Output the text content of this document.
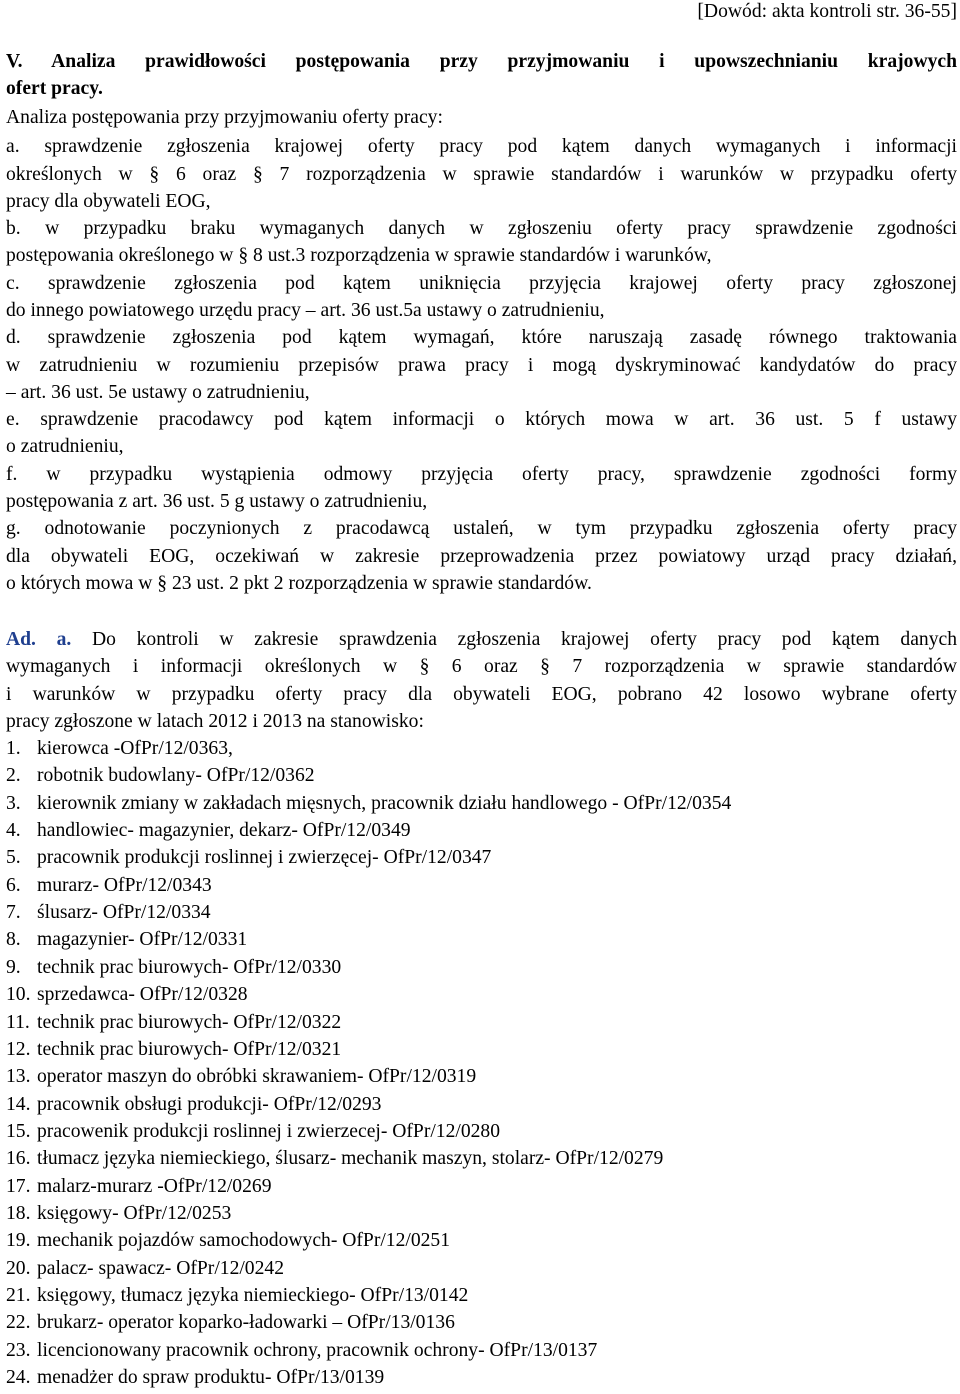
[Dowód: akta kontroli str. 36-55]
V. Analiza prawidłowości postępowania przy przyjmowaniu i upowszechnianiu krajowych
ofert pracy.
Analiza postępowania przy przyjmowaniu oferty pracy:
a. sprawdzenie zgłoszenia krajowej oferty pracy pod kątem danych wymaganych i informacji
określonych w § 6 oraz § 7 rozporządzenia w sprawie standardów i warunków w przypadku oferty
pracy dla obywateli EOG,
b. w przypadku braku wymaganych danych w zgłoszeniu oferty pracy sprawdzenie zgodności
postępowania określonego w § 8 ust.3 rozporządzenia w sprawie standardów i warunków,
c. sprawdzenie zgłoszenia pod kątem uniknięcia przyjęcia krajowej oferty pracy zgłoszonej
do innego powiatowego urzędu pracy – art. 36 ust.5a ustawy o zatrudnieniu,
d. sprawdzenie zgłoszenia pod kątem wymagań, które naruszają zasadę równego traktowania
w zatrudnieniu w rozumieniu przepisów prawa pracy i mogą dyskryminować kandydatów do pracy
– art. 36 ust. 5e ustawy o zatrudnieniu,
e. sprawdzenie pracodawcy pod kątem informacji o których mowa w art. 36 ust. 5 f ustawy
o zatrudnieniu,
f. w przypadku wystąpienia odmowy przyjęcia oferty pracy, sprawdzenie zgodności formy
postępowania z art. 36 ust. 5 g ustawy o zatrudnieniu,
g. odnotowanie poczynionych z pracodawcą ustaleń, w tym przypadku zgłoszenia oferty pracy
dla obywateli EOG, oczekiwań w zakresie przeprowadzenia przez powiatowy urząd pracy działań,
o których mowa w § 23 ust. 2 pkt 2 rozporządzenia w sprawie standardów.
Ad. a. Do kontroli w zakresie sprawdzenia zgłoszenia krajowej oferty pracy pod kątem danych
wymaganych i informacji określonych w § 6 oraz § 7 rozporządzenia w sprawie standardów
i warunków w przypadku oferty pracy dla obywateli EOG, pobrano 42 losowo wybrane oferty
pracy zgłoszone w latach 2012 i 2013 na stanowisko:
1. kierowca -OfPr/12/0363,
2. robotnik budowlany- OfPr/12/0362
3. kierownik zmiany w zakładach mięsnych, pracownik działu handlowego - OfPr/12/0354
4. handlowiec- magazynier, dekarz- OfPr/12/0349
5. pracownik produkcji roslinnej i zwierzęcej- OfPr/12/0347
6. murarz- OfPr/12/0343
7. ślusarz- OfPr/12/0334
8. magazynier- OfPr/12/0331
9. technik prac biurowych- OfPr/12/0330
10. sprzedawca- OfPr/12/0328
11. technik prac biurowych- OfPr/12/0322
12. technik prac biurowych- OfPr/12/0321
13. operator maszyn do obróbki skrawaniem- OfPr/12/0319
14. pracownik obsługi produkcji- OfPr/12/0293
15. pracowenik produkcji roslinnej i zwierzecej- OfPr/12/0280
16. tłumacz języka niemieckiego, ślusarz- mechanik maszyn, stolarz- OfPr/12/0279
17. malarz-murarz -OfPr/12/0269
18. księgowy- OfPr/12/0253
19. mechanik pojazdów samochodowych- OfPr/12/0251
20. palacz- spawacz- OfPr/12/0242
21. księgowy, tłumacz języka niemieckiego- OfPr/13/0142
22. brukarz- operator koparko-ładowarki – OfPr/13/0136
23. licencionowany pracownik ochrony, pracownik ochrony- OfPr/13/0137
24. menadżer do spraw produktu- OfPr/13/0139
